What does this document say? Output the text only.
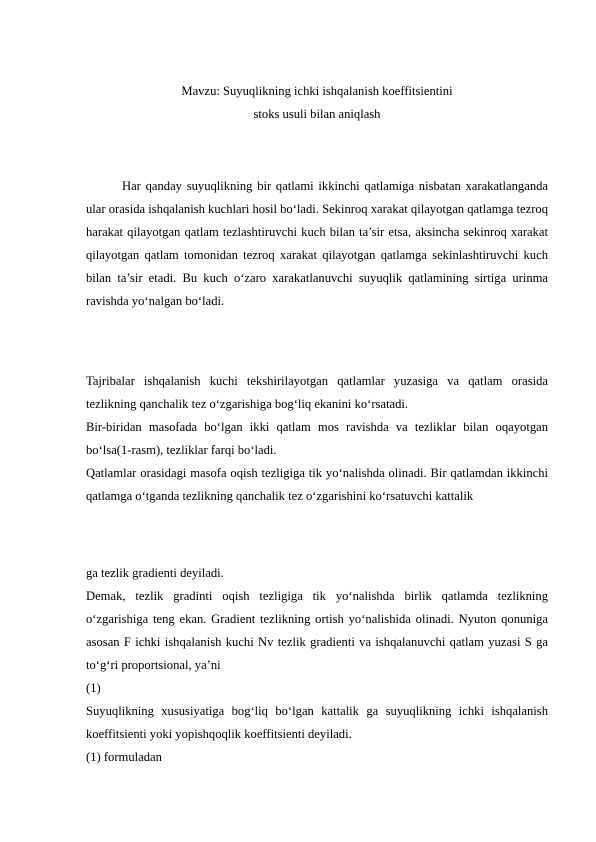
Mavzu: Suyuqlikning ichki ishqalanish koeffitsientini
stoks usuli bilan aniqlash

Har qanday suyuqlikning bir qatlami ikkinchi qatlamiga nisbatan xarakatlanganda ular orasida ishqalanish kuchlari hosil bo‘ladi. Sekinroq xarakat qilayotgan qatlamga tezroq harakat qilayotgan qatlam tezlashtiruvchi kuch bilan ta’sir etsa, aksincha sekinroq xarakat qilayotgan qatlam tomonidan tezroq xarakat qilayotgan qatlamga sekinlashtiruvchi kuch bilan ta’sir etadi. Bu kuch o‘zaro xarakatlanuvchi suyuqlik qatlamining sirtiga urinma ravishda yo‘nalgan bo‘ladi.

Tajribalar ishqalanish kuchi tekshirilayotgan qatlamlar yuzasiga va qatlam orasida tezlikning qanchalik tez o‘zgarishiga bog‘liq ekanini ko‘rsatadi.

Bir-biridan masofada bo‘lgan ikki qatlam mos ravishda va tezliklar bilan oqayotgan bo‘lsa(1-rasm), tezliklar farqi bo‘ladi.

Qatlamlar orasidagi masofa oqish tezligiga tik yo‘nalishda olinadi. Bir qatlamdan ikkinchi qatlamga o‘tganda tezlikning qanchalik tez o‘zgarishini ko‘rsatuvchi kattalik

ga tezlik gradienti deyiladi.

Demak, tezlik gradinti oqish tezligiga tik yo‘nalishda birlik qatlamda tezlikning o‘zgarishiga teng ekan. Gradient tezlikning ortish yo‘nalishida olinadi. Nyuton qonuniga asosan F ichki ishqalanish kuchi Nv tezlik gradienti va ishqalanuvchi qatlam yuzasi S ga to‘g‘ri proportsional, ya’ni

(1)

Suyuqlikning xususiyatiga bog‘liq bo‘lgan kattalik ga suyuqlikning ichki ishqalanish koeffitsienti yoki yopishqoqlik koeffitsienti deyiladi.

(1) formuladan
